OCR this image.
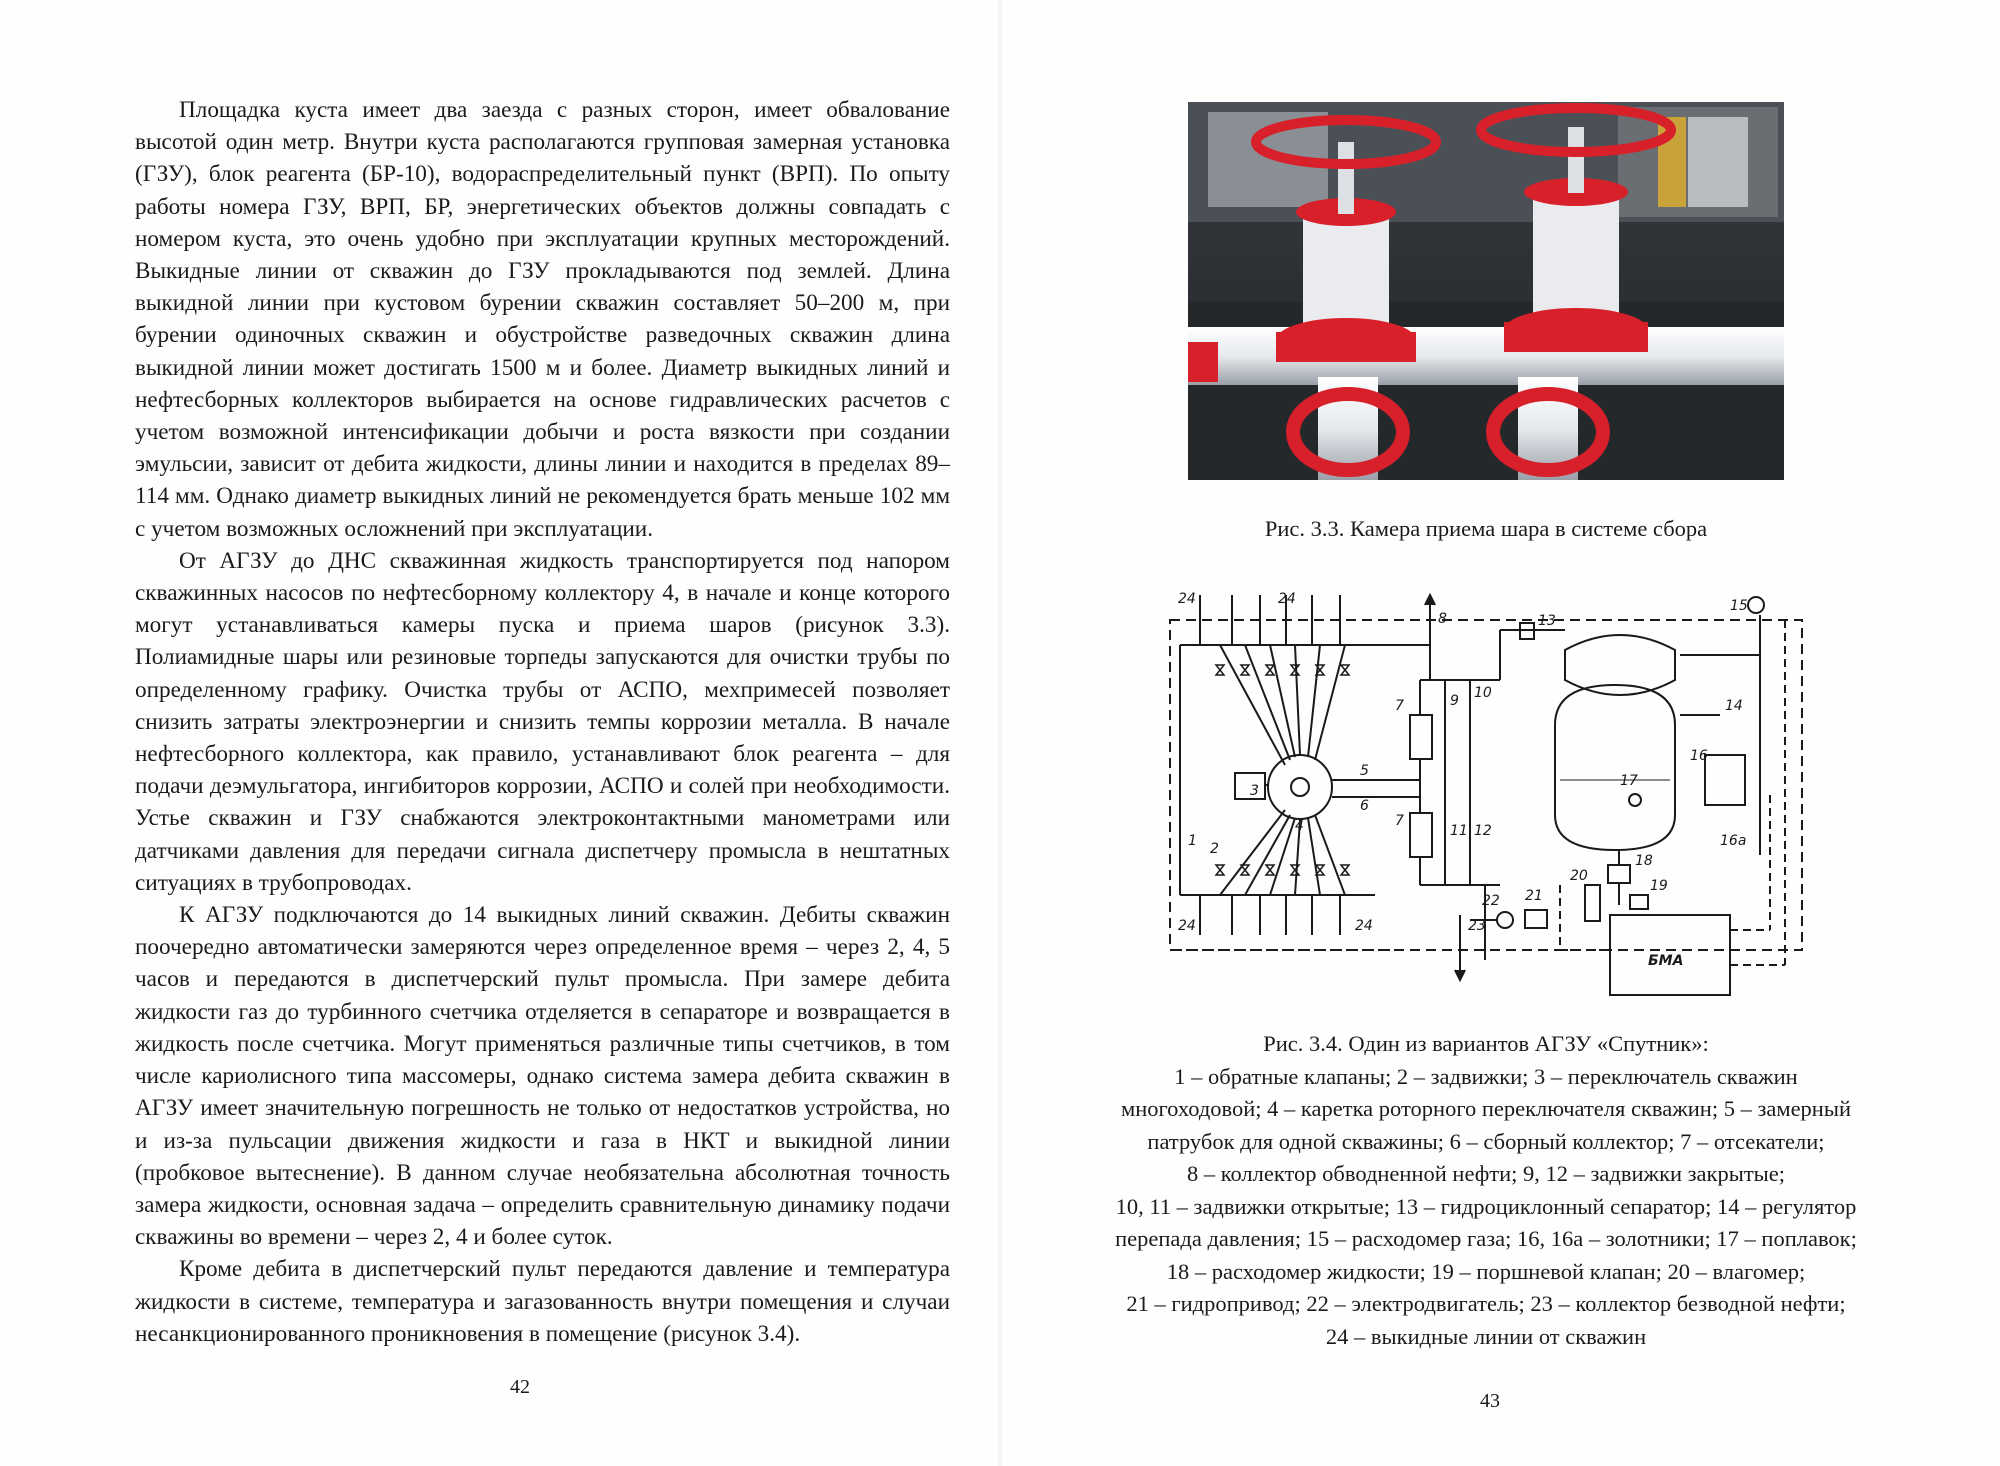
Площадка куста имеет два заезда с разных сторон, имеет обвалование высотой один метр. Внутри куста располагаются групповая замерная установка (ГЗУ), блок реагента (БР-10), водораспределительный пункт (ВРП). По опыту работы номера ГЗУ, ВРП, БР, энергетических объектов должны совпадать с номером куста, это очень удобно при эксплуатации крупных месторождений. Выкидные линии от скважин до ГЗУ прокладываются под землей. Длина выкидной линии при кустовом бурении скважин составляет 50–200 м, при бурении одиночных скважин и обустройстве разведочных скважин длина выкидной линии может достигать 1500 м и более. Диаметр выкидных линий и нефтесборных коллекторов выбирается на основе гидравлических расчетов с учетом возможной интенсификации добычи и роста вязкости при создании эмульсии, зависит от дебита жидкости, длины линии и находится в пределах 89–114 мм. Однако диаметр выкидных линий не рекомендуется брать меньше 102 мм с учетом возможных осложнений при эксплуатации.

От АГЗУ до ДНС скважинная жидкость транспортируется под напором скважинных насосов по нефтесборному коллектору 4, в начале и конце которого могут устанавливаться камеры пуска и приема шаров (рисунок 3.3). Полиамидные шары или резиновые торпеды запускаются для очистки трубы по определенному графику. Очистка трубы от АСПО, мехпримесей позволяет снизить затраты электроэнергии и снизить темпы коррозии металла. В начале нефтесборного коллектора, как правило, устанавливают блок реагента – для подачи деэмульгатора, ингибиторов коррозии, АСПО и солей при необходимости. Устье скважин и ГЗУ снабжаются электроконтактными манометрами или датчиками давления для передачи сигнала диспетчеру промысла в нештатных ситуациях в трубопроводах.

К АГЗУ подключаются до 14 выкидных линий скважин. Дебиты скважин поочередно автоматически замеряются через определенное время – через 2, 4, 5 часов и передаются в диспетчерский пульт промысла. При замере дебита жидкости газ до турбинного счетчика отделяется в сепараторе и возвращается в жидкость после счетчика. Могут применяться различные типы счетчиков, в том числе кариолисного типа массомеры, однако система замера дебита скважин в АГЗУ имеет значительную погрешность не только от недостатков устройства, но и из-за пульсации движения жидкости и газа в НКТ и выкидной линии (пробковое вытеснение). В данном случае необязательна абсолютная точность замера жидкости, основная задача – определить сравнительную динамику подачи скважины во времени – через 2, 4 и более суток.

Кроме дебита в диспетчерский пульт передаются давление и температура жидкости в системе, температура и загазованность внутри помещения и случаи несанкционированного проникновения в помещение (рисунок 3.4).

42
Рис. 3.3. Камера приема шара в системе сбора
24	24
24	24
1 2
3
4
5
6
7
7
8
9 10
11 12
13
14
15
16
16а
17
18
19
20
21
22
23
БМА

Рис. 3.4. Один из вариантов АГЗУ «Спутник»:

1 – обратные клапаны; 2 – задвижки; 3 – переключатель скважин

многоходовой; 4 – каретка роторного переключателя скважин; 5 – замерный

патрубок для одной скважины; 6 – сборный коллектор; 7 – отсекатели;

8 – коллектор обводненной нефти; 9, 12 – задвижки закрытые;

10, 11 – задвижки открытые; 13 – гидроциклонный сепаратор; 14 – регулятор

перепада давления; 15 – расходомер газа; 16, 16а – золотники; 17 – поплавок;

18 – расходомер жидкости; 19 – поршневой клапан; 20 – влагомер;

21 – гидропривод; 22 – электродвигатель; 23 – коллектор безводной нефти;

24 – выкидные линии от скважин

43
